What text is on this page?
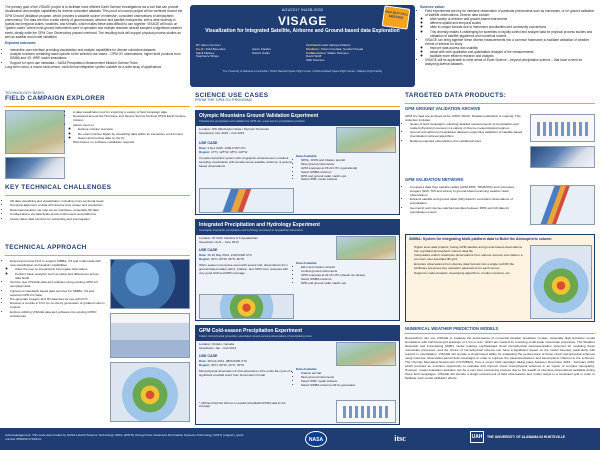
The primary goal of the VISAGE project is to facilitate more efficient Earth Science investigations via a tool that can provide visualization and analytic capabilities for diverse coincident datasets. This proof-of-concept project will be centered around the GPM Ground Validation program, which provides a valuable source of intensive, coincident observations of atmospheric phenomena. The data are from a wide variety of ground-based, airborne and satellite instruments, with a wide diversity in spatial and temporal scales, variables, and formats, which makes these data difficult to use together. VISAGE will focus on "golden cases" where most ground instruments were in operation and multiple research aircraft sampled a significant weather event, ideally while the GPM Core Observatory passed overhead. The resulting tools will support physical process studies as well as satellite and model validation.

Expected outcomes:

• Interactive user interface providing visualization and analytic capabilities for diverse coincident datasets
• Analytic functions containing tasks specific to the selected use cases – GPM GV observations, higher level products from SIMBA and VS, WRF model simulations
• Support for open-use metadata – NASA Precipitation Measurement Mission Science Team

Long-term vision: a robust multi-sensor, multi-format integration system suitable for a wide array of applications

AGU2017 IN43B-0032
VISAGE
Visualization for Integrated Satellite, Airborne and Ground-based data Exploration
AGU 2017 FALL MEETING
PI: Helen Conover
Co-Is: Todd Berendes
Manil Maskey
Stephanie Wingo

Aaron Kaulfus
Patrick Gatlin
Technical Lead: Ajinkya Kulkarni
Students: Sriram Kandala, Sundar Prasad
Collaborators: Walter Petersen
David Wolff
Walt Petersen
The University of Alabama in Huntsville • NASA Marshall Space Flight Center • NASA Goddard Space Flight Center • Wallops Flight Facility
Science value:
• Field experiments are key for intensive observation of particular phenomena such as hurricanes, or for ground validation of satellite observations. Diverse data include:
◦ wide variety of airborne and ground-based instruments
◦ different spatial and temporal scales
◦ often in unique formats due to instrument peculiarities and community conventions
◦ This diversity makes it challenging for scientists to rapidly collect and analyze data for physical process studies and validation of satellite algorithms and numerical models
• VISAGE can bring together these diverse measurements into a common framework to facilitate validation of weather events of interest for study
◦ improve data access and usability
◦ assist with both qualitative and quantitative analysis of the measurements
◦ facilitate more efficient research and analysis
• VISAGE will be applicable to other areas of Earth Science – beyond precipitation science – that have a need for analyzing diverse datasets.
TECHNOLOGY BASIS:
FIELD CAMPAIGN EXPLORER
• A data visualization tool for exploring a variety of field campaign data
• Developed around the Hurricane and Severe Storms Sentinel (HS3) Earth Venture mission
• Allows users to
◦ Explore mission overview
◦ Re-enact mission flights by visualizing data within an interactive environment
◦ Select and preview data on the fly
• Web-based, no software installation required
KEY TECHNICAL CHALLENGES
• 3D data visualizing and visualization, including cross-sectional views
• Temporal alignment of data with diverse time scales and resolutions
• Data interoperation via map server interfaces, especially 3D data
• Configurations via data fields across instruments and platforms
• Cloud-native data services for subsetting and interrogation
TECHNICAL APPROACH
• Extend and reuse FCX to support SIMBA, VS and model data with new visualization and analytic capabilities
◦ Allow the user to interactively interrogate data values
◦ Perform basic analytics such as ratios and differences across data fields
• Test the new VISAGE data and software using existing GPM GV campaign data
• Implement standards based data services for SIMBA, VS and selected GPM GV data
• Pre-generate imagery and 3D data tiles for use with FCX
• Develop a module in FCX for on-the-fly generation of gridded column product
• Explore utilizing VISAGE data and software into existing GHRC architecture
SCIENCE USE CASES
FROM THE GPM GV PROGRAM
Olympic Mountains Ground Validation Experiment
Characterize precipitation and validate the GPM rain, snow and ice precipitation products
Location: NW Washington State / Olympic Peninsula
Operations: Nov 2015 – Feb 2016
USE CASE
Date: 3 Dec 2015, 1400-1700 UTC
Region: 47°N, 125°W, 48°N, 123°W
Complex baroclinic system with orographic enhancement; excellent sampling coordination with simulta-neous satellite, airborne, & ground-based observations
Data Available:
• NPOL, DOW and Citation aircraft
• Most ground instruments
• GPM overpass at 15:22 UTC (operational)
• Select SIMBA columns
• DPR and ground radar match-ups
• Select WRF model subsets
Integrated Precipitation and Hydrology Experiment
Investigate orographic precipitation and hydrology processes in Appalachian Mountains
Location: W North Carolina & S Appalachian
Operations: April – June 2014
USE CASE
Date: 15-16 May 2014, 2100-0300 UTC
Region: 34°N, 84°W, 36°N, 82°W
Warm season convective event with severe hail, observations from ground-based radars, ER-2, Citation, and GPM Core overpass with very good GMI and DPR coverage
Data Available:
• ER-2 and Citation aircraft
• Limited ground instruments
• GPM overpass at 22:16 UTC (shoals out phase)
• Select SIMBA columns
• DPR and ground radar match-ups
GPM Cold-season Precipitation Experiment
Collect microphysical properties, associated remote sensing observations of precipitating snow
Location: Ontario, Canada
Operations: Jan – Feb 2012
USE CASE
Date: 18 Feb 2012, 0800-0000 UTC
Region: 43°N, 80°W, 44°N, 78°W
Microphysical observation & char-acteristics of the entire life cycle of a significant snowfall event from broad warm frontal
Data Available:
• Citation aircraft
• Most ground instruments
• Select WRF model subsets
• Select SIMBA columns will be generated
* GPM launched Feb 2014 so no suitable (CloudSat/CALIPSO) data for this campaign
TARGETED DATA PRODUCTS:
GPM GROUND VALIDATION ARCHIVE
GPM GV data are archived at the GHRC DAAC. Dataset publication is ongoing. This collection includes:
• Series of field campaigns collecting detailed measurements of precipitation and related physical processes in a variety of diverse meteorological regimes
• Ground and airborne precipitation datasets supporting validation of satellite-based precipitation retrieval algorithms
• Related extended observations from additional sites
GPM VALIDATION NETWORK
• Compares data from satellite radars (GPM DPR, TRMM PR) and microwave imagers (GMI, TMI and others) to ground-based scanning weather radar observations
• Extracts satellite and ground radar (GR) data for coincident observations of precipitation
• Geometric and volume-matched samples between DPR and GR data for precipitation events
SIMBA: System for Integrating Multi-platform data to Build the Atmospheric column
• Higher level data product, fusing GPM satellite and ground-based observations into a gridded atmospheric column data file
• Interpolates and/or resamples observations from various sources onto data in a common user-specified 3D grid
• Encodes observations from diverse data formats into a single netCDF file
• Attributes preserves key operation parameters for each sensor
• Supports model analysis, developing algorithms, product versions, etc.
NUMERICAL WEATHER PREDICTION MODELS
Researchers can use VISAGE to evaluate the performance of numerical weather prediction models, especially high-resolution model simulations with horizontal grid spacings of 1 km or less, which are needed for resolving small-scale mesoscale processes. The Weather Research and Forecasting (WRF) model requires sophisticated cloud microphysical parameterization schemes for modeling these mesoscale processes, and the choice of microphysical scheme can have a significant impact on the model forecast, particularly with respect to precipitation. VISAGE will provide a cloud-based ability for evaluating the performance of these cloud microphysical schemes using intensive observation-period field campaigns in order to improve the parameterizations and assumptions inherent in the schemes. The Olympic Mountains Experiment (OLYMPEX), from a recent field campaign taking place between November 2015 - February 2016, which provides an excellent opportunity to evaluate and improve cloud microphysical schemes in an region of complex topography. However, model evaluation activities can be a very time consuming process due to the wealth of intensive observations available during these field campaigns. VISAGE will provide a single environment of field observations and model output in a consistent grid in order to facilitate such model validation efforts.
Acknowledgement: This work was funded by NASA's Earth Science Technology Office (ESTO) through their Advanced Information Systems Technology (AIST) program, grant number 80NSSC17K0414.	NASA	itsc	UAH THE UNIVERSITY OF ALABAMA IN HUNTSVILLE
